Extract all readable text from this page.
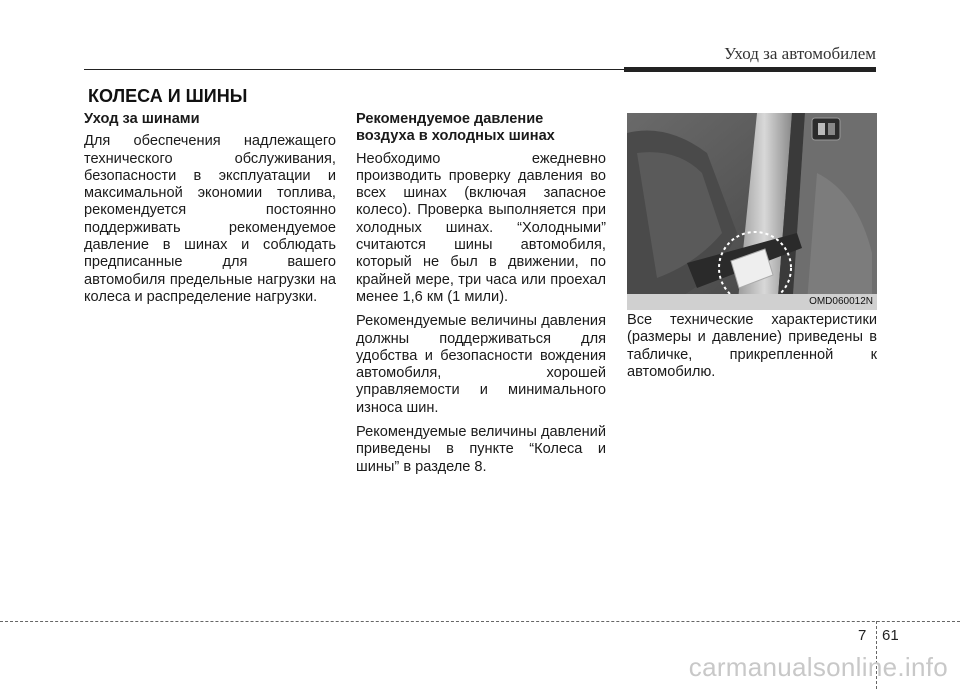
Уход за автомобилем
КОЛЕСА И ШИНЫ
Уход за шинами

Для обеспечения надлежащего технического обслуживания, безопасности в эксплуатации и максимальной экономии топлива, рекомендуется постоянно поддерживать рекомендуемое давление в шинах и соблюдать предписанные для вашего автомобиля предельные нагрузки на колеса и распределение нагрузки.

Рекомендуемое давление
воздуха в холодных шинах

Необходимо ежедневно производить проверку давления во всех шинах (включая запасное колесо). Проверка выполняется при холодных шинах. “Холодными” считаются шины автомобиля, который не был в движении, по крайней мере, три часа или проехал менее 1,6 км (1 мили).

Рекомендуемые величины давления должны поддерживаться для удобства и безопасности вождения автомобиля, хорошей управляемости и минимального износа шин.

Рекомендуемые величины давлений приведены в пункте “Колеса и шины” в разделе 8.

OMD060012N

Все технические характеристики (размеры и давление) приведены в табличке, прикрепленной к автомобилю.

7 61
carmanualsonline.info
